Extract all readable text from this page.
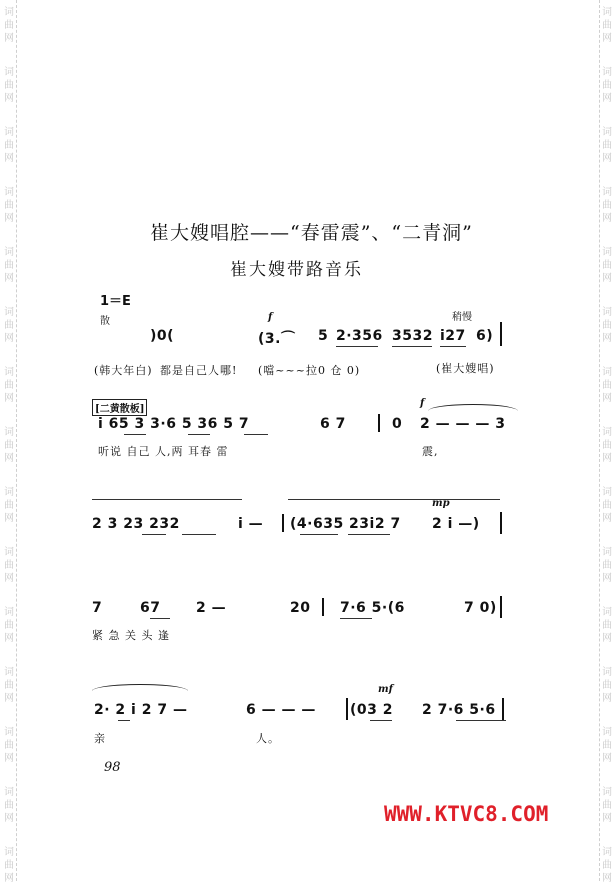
词
曲
网
词
曲
网
词
曲
网
词
曲
网
词
曲
网
词
曲
网
词
曲
网
词
曲
网
词
曲
网
词
曲
网
词
曲
网
词
曲
网
词
曲
网
词
曲
网
词
曲
网
词
曲
网
词
曲
网
词
曲
网
词
曲
网
词
曲
网
词
曲
网
词
曲
网
词
曲
网
词
曲
网
词
曲
网
词
曲
网
词
曲
网
词
曲
网
词
曲
网
词
曲
网
崔大嫂唱腔——“春雷震”、“二青洞”
崔大嫂带路音乐
1＝E
散	f	稍慢
)0(	(3.⌒ 5 2·356 3532 i27 6)
(韩大年白) 都是自己人哪! (噹~~~拉0 仓 0)	(崔大嫂唱)
[二黄散板]
f
i 65 3 3·6 5 36 5 7	6 7	0 2 — — — 3
听说 自己 人,两 耳春 雷	震,
mp
2 3 23 232	i — (4·635 23i2 7 2 i —)
7	67	2 —	20 7·6 5·(6	7 0)
紧 急 关 头 逢
mf
2· 2 i 2 7 —	6 — — — (03 2 2 7·6 5·6
亲	人。
98
WWW.KTVC8.COM
